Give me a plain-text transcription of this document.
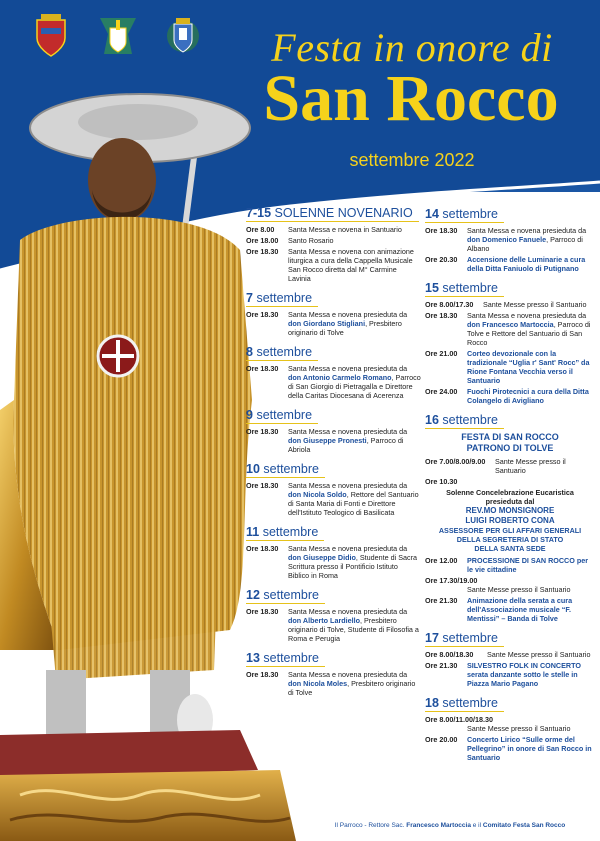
Festa in onore di
San Rocco
settembre 2022
7-15 SOLENNE NOVENARIO
Ore 8.00	Santa Messa e novena in Santuario
Ore 18.00	Santo Rosario
Ore 18.30	Santa Messa e novena con animazione liturgica a cura della Cappella Musicale San Rocco diretta dal M° Carmine Lavinia
7 settembre
Ore 18.30	Santa Messa e novena presieduta da don Giordano Stigliani, Presbitero originario di Tolve
8 settembre
Ore 18.30	Santa Messa e novena presieduta da don Antonio Carmelo Romano, Parroco di San Giorgio di Pietragalla e Direttore della Caritas Diocesana di Acerenza
9 settembre
Ore 18.30	Santa Messa e novena presieduta da don Giuseppe Pronesti, Parroco di Abriola
10 settembre
Ore 18.30	Santa Messa e novena presieduta da don Nicola Soldo, Rettore del Santuario di Santa Maria di Fonti e Direttore dell'Istituto Teologico di Basilicata
11 settembre
Ore 18.30	Santa Messa e novena presieduta da don Giuseppe Didio, Studente di Sacra Scrittura presso il Pontificio Istituto Biblico in Roma
12 settembre
Ore 18.30	Santa Messa e novena presieduta da don Alberto Lardiello, Presbitero originario di Tolve, Studente di Filosofia a Roma e Perugia
13 settembre
Ore 18.30	Santa Messa e novena presieduta da don Nicola Moles, Presbitero originario di Tolve
14 settembre
Ore 18.30	Santa Messa e novena presieduta da don Domenico Fanuele, Parroco di Albano
Ore 20.30	Accensione delle Luminarie a cura della Ditta Faniuolo di Putignano
15 settembre
Ore 8.00/17.30	Sante Messe presso il Santuario
Ore 18.30	Santa Messa e novena presieduta da don Francesco Martoccia, Parroco di Tolve e Rettore del Santuario di San Rocco
Ore 21.00	Corteo devozionale con la tradizionale “Uglia r' Sant' Rocc” da Rione Fontana Vecchia verso il Santuario
Ore 24.00	Fuochi Pirotecnici a cura della Ditta Colangelo di Avigliano
16 settembre
FESTA DI SAN ROCCO
PATRONO DI TOLVE
Ore 7.00/8.00/9.00	Sante Messe presso il Santuario
Ore 10.30
Solenne Concelebrazione Eucaristica
presieduta dal
REV.MO MONSIGNORE
LUIGI ROBERTO CONA
ASSESSORE PER GLI AFFARI GENERALI
DELLA SEGRETERIA DI STATO
DELLA SANTA SEDE
Ore 12.00	PROCESSIONE DI SAN ROCCO per le vie cittadine
Ore 17.30/19.00
Sante Messe presso il Santuario
Ore 21.30	Animazione della serata a cura dell'Associazione musicale “F. Mentissi” – Banda di Tolve
17 settembre
Ore 8.00/18.30	Sante Messe presso il Santuario
Ore 21.30	SILVESTRO FOLK IN CONCERTO serata danzante sotto le stelle in Piazza Mario Pagano
18 settembre
Ore 8.00/11.00/18.30
Sante Messe presso il Santuario
Ore 20.00	Concerto Lirico “Sulle orme del Pellegrino” in onore di San Rocco in Santuario
Il Parroco - Rettore Sac. Francesco Martoccia e il Comitato Festa San Rocco
